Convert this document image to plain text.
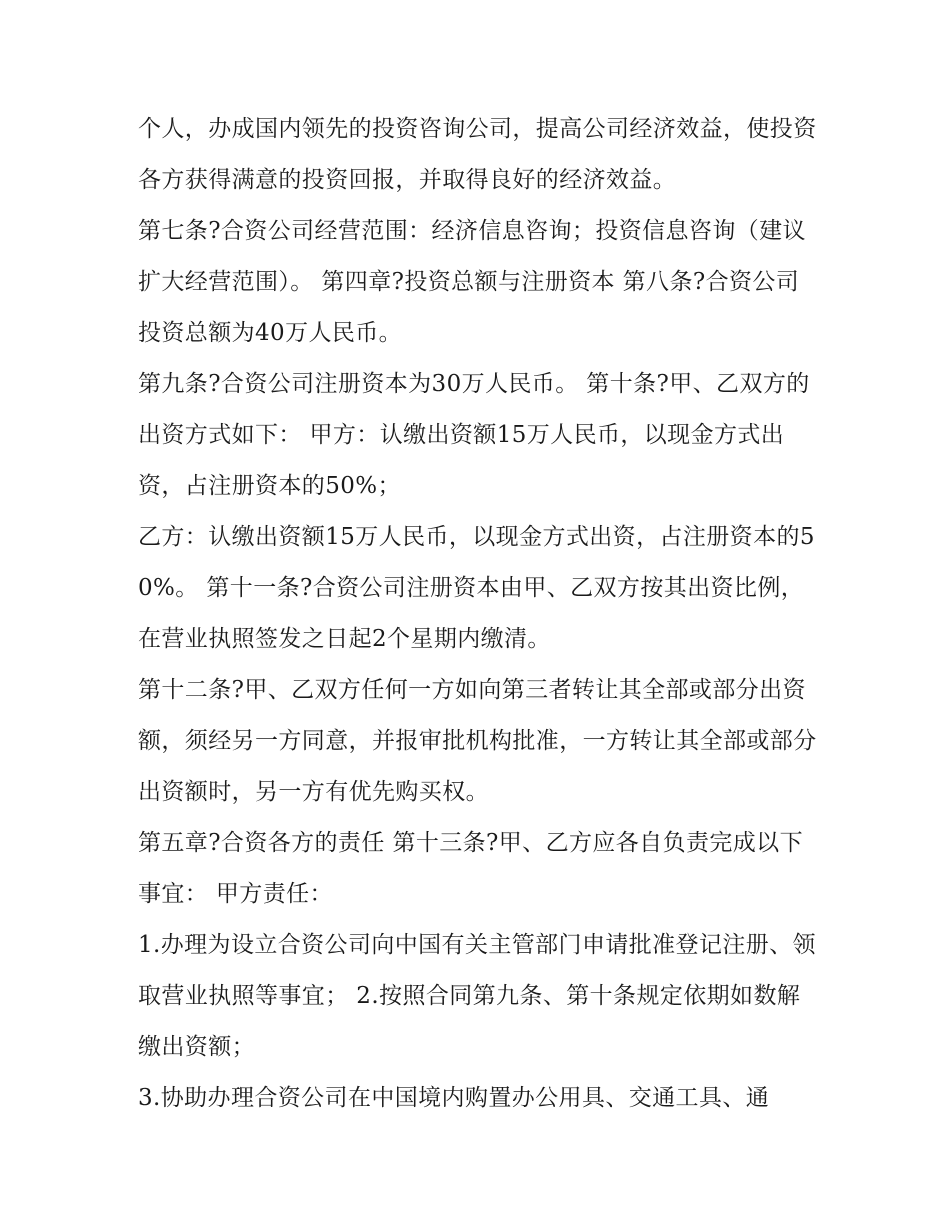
个人，办成国内领先的投资咨询公司，提高公司经济效益，使投资各方获得满意的投资回报，并取得良好的经济效益。

第七条?合资公司经营范围：经济信息咨询；投资信息咨询（建议扩大经营范围）。 第四章?投资总额与注册资本 第八条?合资公司投资总额为40万人民币。

第九条?合资公司注册资本为30万人民币。 第十条?甲、乙双方的出资方式如下： 甲方：认缴出资额15万人民币，以现金方式出资，占注册资本的50%；

乙方：认缴出资额15万人民币，以现金方式出资，占注册资本的50%。 第十一条?合资公司注册资本由甲、乙双方按其出资比例，在营业执照签发之日起2个星期内缴清。

第十二条?甲、乙双方任何一方如向第三者转让其全部或部分出资额，须经另一方同意，并报审批机构批准，一方转让其全部或部分出资额时，另一方有优先购买权。

第五章?合资各方的责任 第十三条?甲、乙方应各自负责完成以下事宜： 甲方责任：

1.办理为设立合资公司向中国有关主管部门申请批准登记注册、领取营业执照等事宜； 2.按照合同第九条、第十条规定依期如数解缴出资额；

3.协助办理合资公司在中国境内购置办公用具、交通工具、通
